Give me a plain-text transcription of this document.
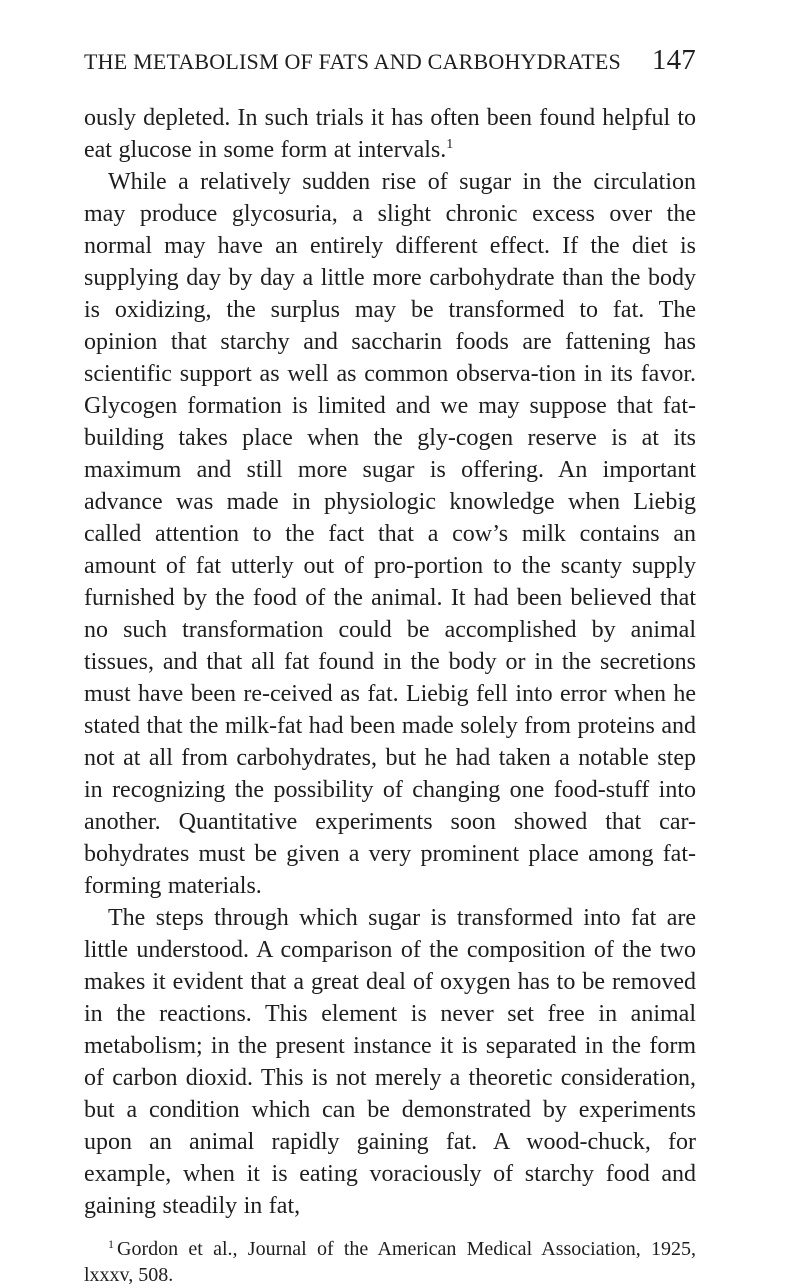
THE METABOLISM OF FATS AND CARBOHYDRATES 147

ously depleted. In such trials it has often been found helpful to eat glucose in some form at intervals.$^1$

While a relatively sudden rise of sugar in the circulation may produce glycosuria, a slight chronic excess over the normal may have an entirely different effect. If the diet is supplying day by day a little more carbohydrate than the body is oxidizing, the surplus may be transformed to fat. The opinion that starchy and saccharin foods are fattening has scientific support as well as common observa-tion in its favor. Glycogen formation is limited and we may suppose that fat-building takes place when the gly-cogen reserve is at its maximum and still more sugar is offering. An important advance was made in physiologic knowledge when Liebig called attention to the fact that a cow’s milk contains an amount of fat utterly out of pro-portion to the scanty supply furnished by the food of the animal. It had been believed that no such transformation could be accomplished by animal tissues, and that all fat found in the body or in the secretions must have been re-ceived as fat. Liebig fell into error when he stated that the milk-fat had been made solely from proteins and not at all from carbohydrates, but he had taken a notable step in recognizing the possibility of changing one food-stuff into another. Quantitative experiments soon showed that car-bohydrates must be given a very prominent place among fat-forming materials.

The steps through which sugar is transformed into fat are little understood. A comparison of the composition of the two makes it evident that a great deal of oxygen has to be removed in the reactions. This element is never set free in animal metabolism; in the present instance it is separated in the form of carbon dioxid. This is not merely a theoretic consideration, but a condition which can be demonstrated by experiments upon an animal rapidly gaining fat. A wood-chuck, for example, when it is eating voraciously of starchy food and gaining steadily in fat,

$^1$ Gordon et al., Journal of the American Medical Association, 1925, lxxxv, 508.
